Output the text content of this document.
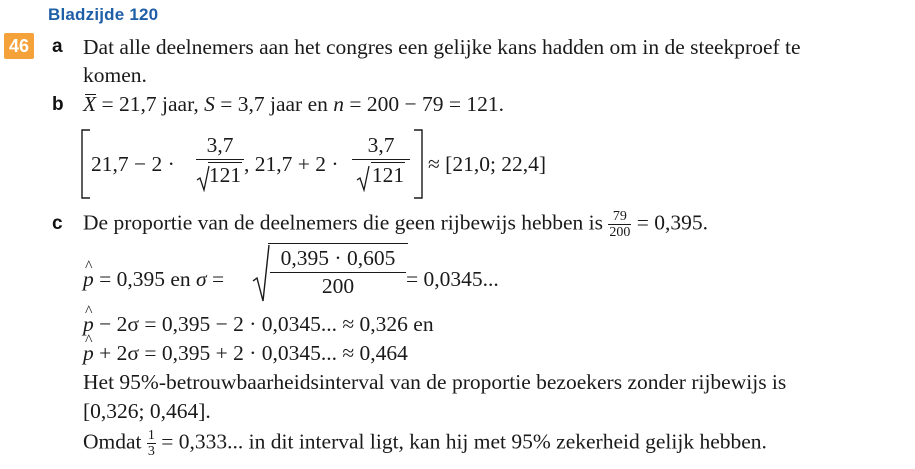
Bladzijde 120
46 a Dat alle deelnemers aan het congres een gelijke kans hadden om in de steekproef te
komen.
b X = 21,7 jaar, S = 3,7 jaar en n = 200 − 79 = 121.
$21,7 - 2 \cdot \frac{3,7}{121}$ , $21,7 + 2 \cdot \frac{3,7}{121} \approx [21,0$; 22,4]
c De proportie van de deelnemers die geen rijbewijs hebben is $\frac{79}{200} = 0,395$.
^ p = 0,395 en $\sigma = \frac{0,395 \cdot 0,605}{200} = 0,0345$...
^ p − 2σ = 0,395 − 2 · 0,0345... ≈ 0,326 en
^ p + 2σ = 0,395 + 2 · 0,0345... ≈ 0,464
Het 95%-betrouwbaarheidsinterval van de proportie bezoekers zonder rijbewijs is
[0,326; 0,464].
Omdat $\frac{1}{3} = 0,333$... in dit interval ligt, kan hij met 95% zekerheid gelijk hebben.
